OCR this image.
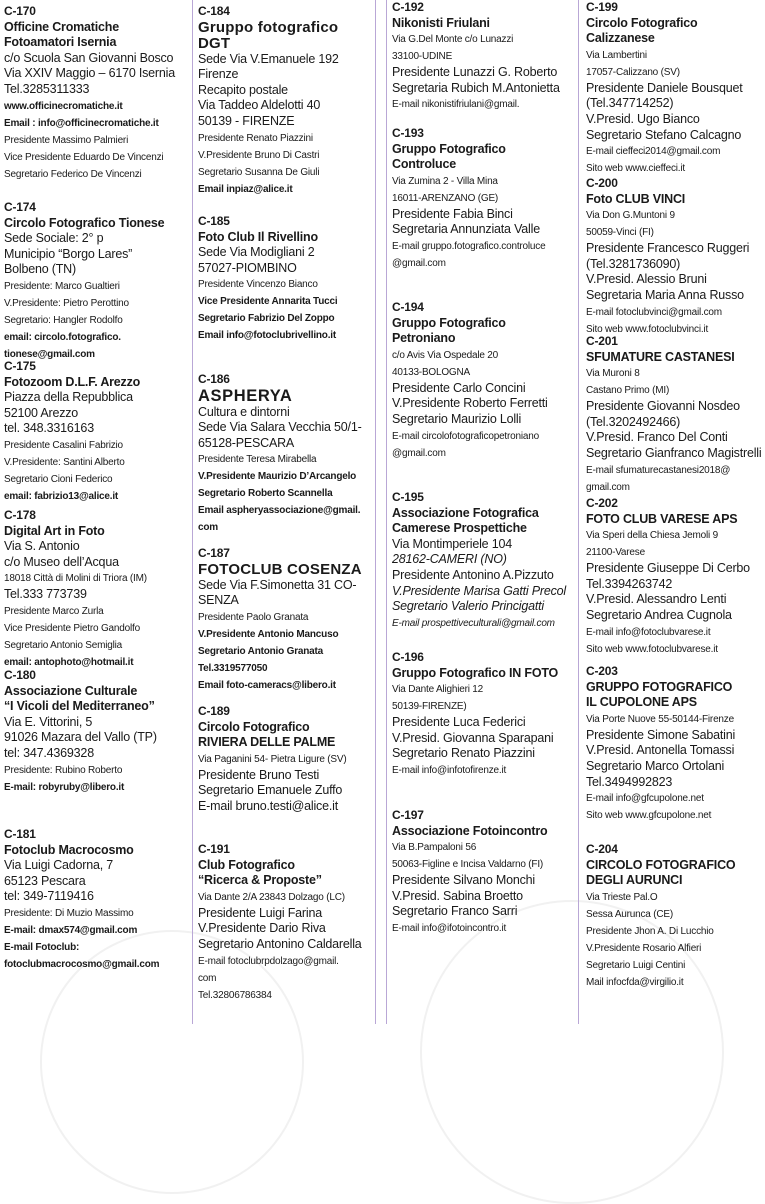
C-170
Officine Cromatiche
Fotoamatori Isernia
c/o Scuola San Giovanni Bosco
Via XXIV Maggio – 6170 Isernia
Tel.3285311333
www.officinecromatiche.it
Email : info@officinecromatiche.it
Presidente Massimo Palmieri
Vice Presidente Eduardo De Vincenzi
Segretario Federico De Vincenzi
C-174
Circolo Fotografico Tionese
Sede Sociale: 2° p
Municipio “Borgo Lares”
Bolbeno (TN)
Presidente: Marco Gualtieri
V.Presidente: Pietro Perottino
Segretario: Hangler Rodolfo
email: circolo.fotografico.
tionese@gmail.com
C-175
Fotozoom D.L.F. Arezzo
Piazza della Repubblica
52100 Arezzo
tel. 348.3316163
Presidente Casalini Fabrizio
V.Presidente: Santini Alberto
Segretario Cioni Federico
email: fabrizio13@alice.it
C-178
Digital Art in Foto
Via S. Antonio
c/o Museo dell’Acqua
18018 Città di Molini di Triora (IM)
Tel.333 773739
Presidente Marco Zurla
Vice Presidente Pietro Gandolfo
Segretario Antonio Semiglia
email: antophoto@hotmail.it
C-180
Associazione Culturale
“I Vicoli del Mediterraneo”
Via E. Vittorini, 5
91026 Mazara del Vallo (TP)
tel: 347.4369328
Presidente: Rubino Roberto
E-mail: robyruby@libero.it
C-181
Fotoclub Macrocosmo
Via Luigi Cadorna, 7
65123 Pescara
tel: 349-7119416
Presidente: Di Muzio Massimo
E-mail: dmax574@gmail.com
E-mail Fotoclub:
fotoclubmacrocosmo@gmail.com
C-184
Gruppo fotografico
DGT
Sede Via V.Emanuele 192
Firenze
Recapito postale
Via Taddeo Aldelotti 40
50139 - FIRENZE
Presidente Renato Piazzini
V.Presidente Bruno Di Castri
Segretario Susanna De Giuli
Email inpiaz@alice.it
C-185
Foto Club Il Rivellino
Sede Via Modigliani 2
57027-PIOMBINO
Presidente Vincenzo Bianco
Vice Presidente Annarita Tucci
Segretario Fabrizio Del Zoppo
Email info@fotoclubrivellino.it
C-186
ASPHERYA
Cultura e dintorni
Sede Via Salara Vecchia 50/1-
65128-PESCARA
Presidente Teresa Mirabella
V.Presidente Maurizio D’Arcangelo
Segretario Roberto Scannella
Email aspheryassociazione@gmail.
com
C-187
FOTOCLUB COSENZA
Sede Via F.Simonetta 31 CO-
SENZA
Presidente Paolo Granata
V.Presidente Antonio Mancuso
Segretario Antonio Granata
Tel.3319577050
Email foto-cameracs@libero.it
C-189
Circolo Fotografico
RIVIERA DELLE PALME
Via Paganini 54- Pietra Ligure (SV)
Presidente Bruno Testi
Segretario Emanuele Zuffo
E-mail bruno.testi@alice.it
C-191
Club Fotografico
“Ricerca & Proposte”
Via Dante 2/A 23843 Dolzago (LC)
Presidente Luigi Farina
V.Presidente Dario Riva
Segretario Antonino Caldarella
E-mail fotoclubrpdolzago@gmail.
com
Tel.32806786384
C-192
Nikonisti Friulani
Via G.Del Monte c/o Lunazzi
33100-UDINE
Presidente Lunazzi G. Roberto
Segretaria Rubich M.Antonietta
E-mail nikonistifriulani@gmail.
C-193
Gruppo Fotografico
Controluce
Via Zumina 2 - Villa Mina
16011-ARENZANO (GE)
Presidente Fabia Binci
Segretaria Annunziata Valle
E-mail gruppo.fotografico.controluce
@gmail.com
C-194
Gruppo Fotografico
Petroniano
c/o Avis Via Ospedale 20
40133-BOLOGNA
Presidente Carlo Concini
V.Presidente Roberto Ferretti
Segretario Maurizio Lolli
E-mail circolofotograficopetroniano
@gmail.com
C-195
Associazione Fotografica
Camerese Prospettiche
Via Montimperiele 104
28162-CAMERI (NO)
Presidente Antonino A.Pizzuto
V.Presidente Marisa Gatti Precol
Segretario Valerio Princigatti
E-mail prospettiveculturali@gmail.com
C-196
Gruppo Fotografico IN FOTO
Via Dante Alighieri 12
50139-FIRENZE)
Presidente Luca Federici
V.Presid. Giovanna Sparapani
Segretario Renato Piazzini
E-mail info@infotofirenze.it
C-197
Associazione Fotoincontro
Via B.Pampaloni 56
50063-Figline e Incisa Valdarno (FI)
Presidente Silvano Monchi
V.Presid. Sabina Broetto
Segretario Franco Sarri
E-mail info@ifotoincontro.it
C-199
Circolo Fotografico
Calizzanese
Via Lambertini
17057-Calizzano (SV)
Presidente Daniele Bousquet
(Tel.347714252)
V.Presid. Ugo Bianco
Segretario Stefano Calcagno
E-mail cieffeci2014@gmail.com
Sito web www.cieffeci.it
C-200
Foto CLUB VINCI
Via Don G.Muntoni 9
50059-Vinci (FI)
Presidente Francesco Ruggeri
(Tel.3281736090)
V.Presid. Alessio Bruni
Segretaria Maria Anna Russo
E-mail fotoclubvinci@gmail.com
Sito web www.fotoclubvinci.it
C-201
SFUMATURE CASTANESI
Via Muroni 8
Castano Primo (MI)
Presidente Giovanni Nosdeo
(Tel.3202492466)
V.Presid. Franco Del Conti
Segretario Gianfranco Magistrelli
E-mail sfumaturecastanesi2018@
gmail.com
C-202
FOTO CLUB VARESE APS
Via Speri della Chiesa Jemoli 9
21100-Varese
Presidente Giuseppe Di Cerbo
Tel.3394263742
V.Presid. Alessandro Lenti
Segretario Andrea Cugnola
E-mail info@fotoclubvarese.it
Sito web www.fotoclubvarese.it
C-203
GRUPPO FOTOGRAFICO
IL CUPOLONE APS
Via Porte Nuove 55-50144-Firenze
Presidente Simone Sabatini
V.Presid. Antonella Tomassi
Segretario Marco Ortolani
Tel.3494992823
E-mail info@gfcupolone.net
Sito web www.gfcupolone.net
C-204
CIRCOLO FOTOGRAFICO
DEGLI AURUNCI
Via Trieste Pal.O
Sessa Aurunca (CE)
Presidente Jhon A. Di Lucchio
V.Presidente Rosario Alfieri
Segretario Luigi Centini
Mail infocfda@virgilio.it
